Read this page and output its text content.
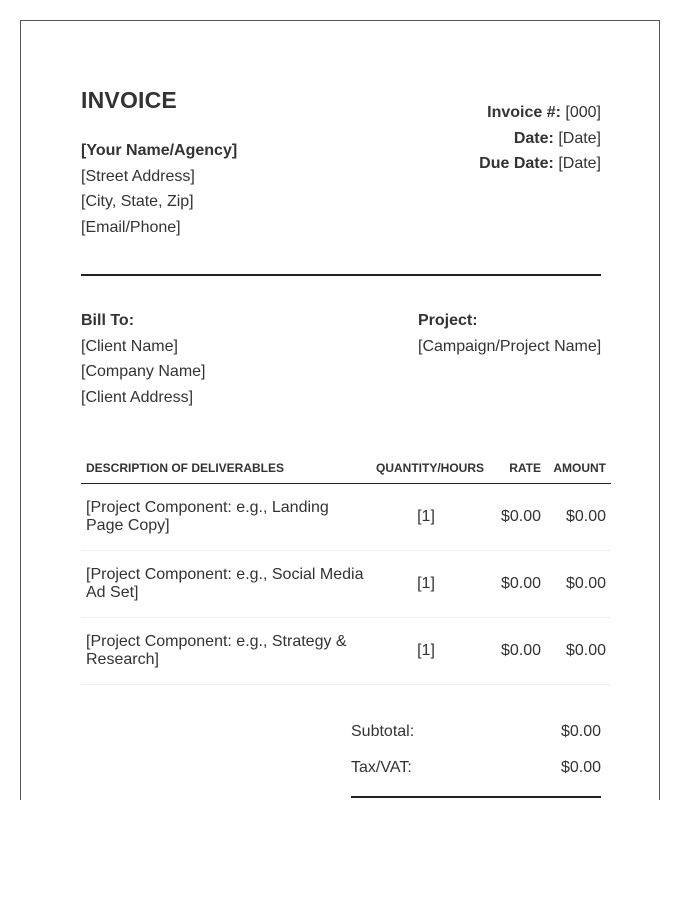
INVOICE
[Your Name/Agency]
[Street Address]
[City, State, Zip]
[Email/Phone]
Invoice #: [000]
Date: [Date]
Due Date: [Date]
Bill To:
[Client Name]
[Company Name]
[Client Address]
Project:
[Campaign/Project Name]
DESCRIPTION OF DELIVERABLES	QUANTITY/HOURS	RATE	AMOUNT
[Project Component: e.g., Landing Page Copy]	[1]	$0.00	$0.00
[Project Component: e.g., Social Media Ad Set]	[1]	$0.00	$0.00
[Project Component: e.g., Strategy & Research]	[1]	$0.00	$0.00
Subtotal:	$0.00
Tax/VAT:	$0.00
